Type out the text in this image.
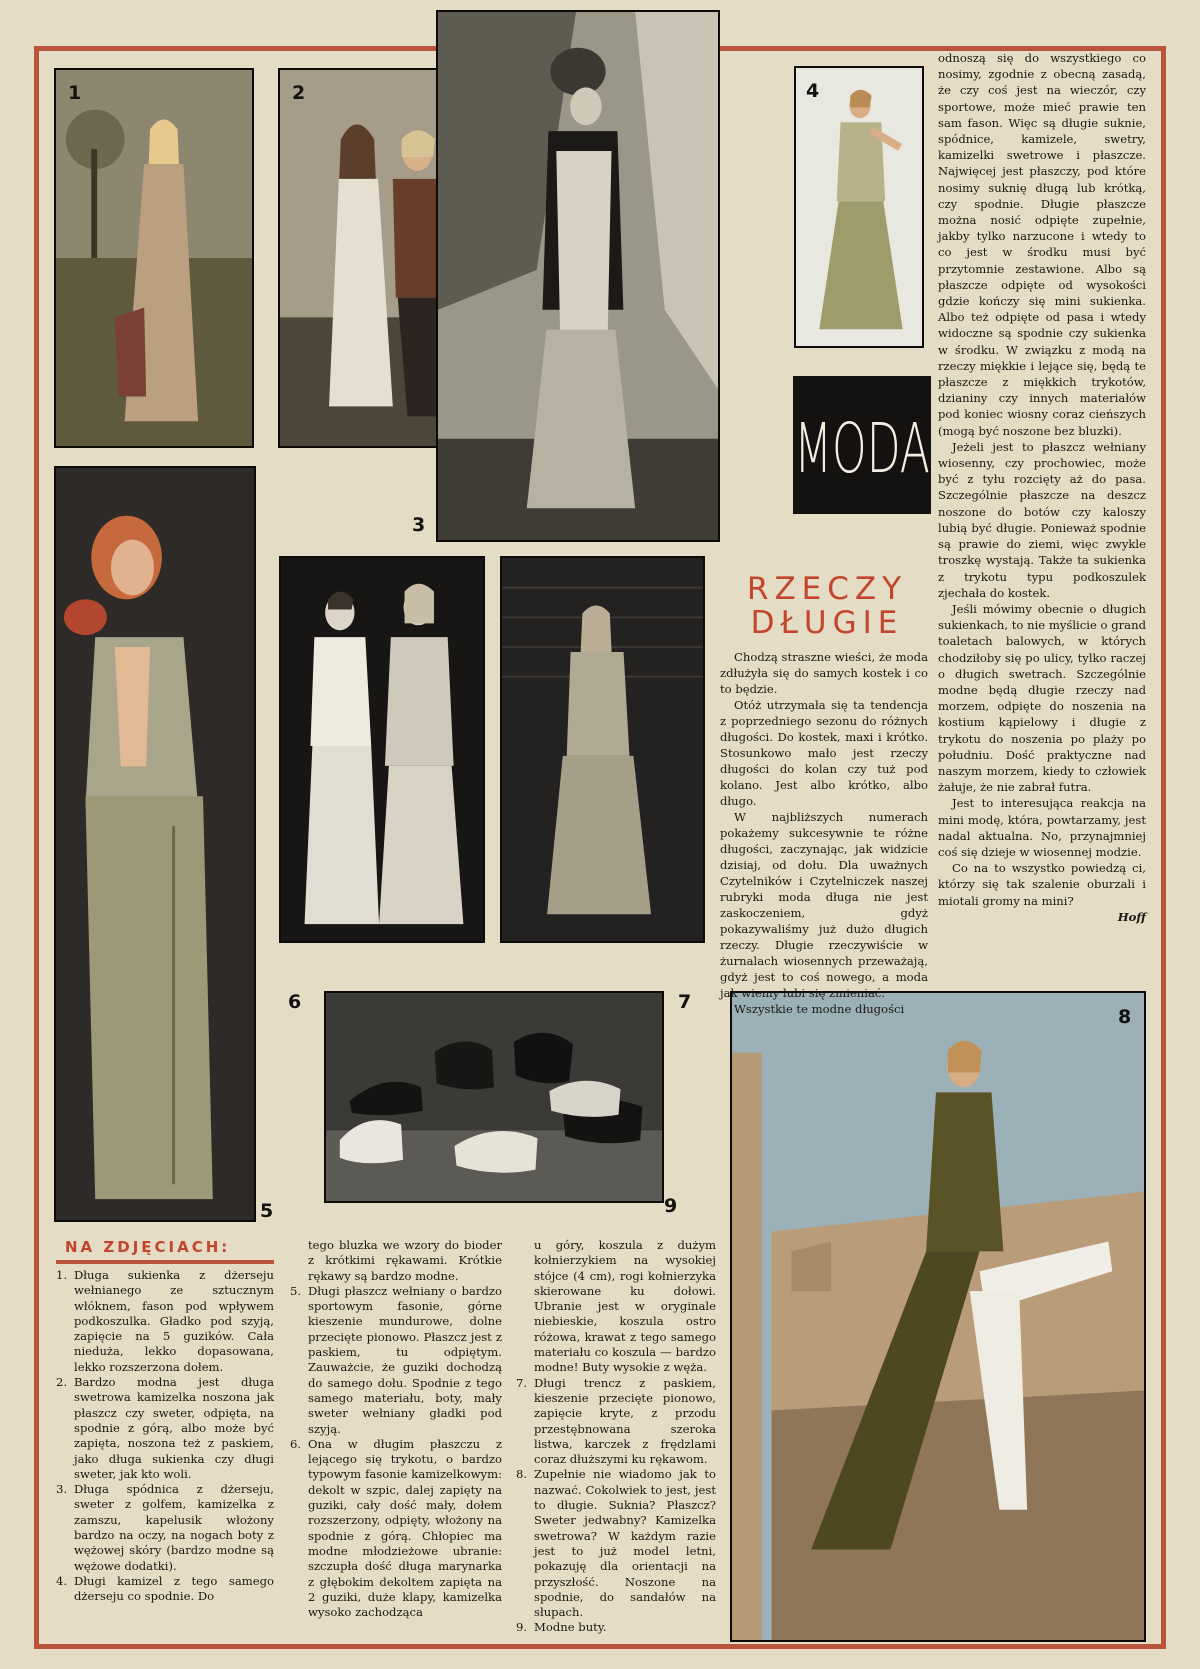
1	2
3
4
MODA
5
6	7
9
8
RZECZY
DŁUGIE

Chodzą straszne wieści, że moda zdłużyła się do samych kostek i co to będzie.

Otóż utrzymała się ta tendencja z poprzedniego sezonu do różnych długości. Do kostek, maxi i krótko. Stosunkowo mało jest rzeczy długości do kolan czy tuż pod kolano. Jest albo krótko, albo długo.

W najbliższych numerach pokażemy sukcesywnie te różne długości, zaczynając, jak widzicie dzisiaj, od dołu. Dla uważnych Czytelników i Czytelniczek naszej rubryki moda długa nie jest zaskoczeniem, gdyż pokazywaliśmy już dużo długich rzeczy. Długie rzeczywiście w żurnalach wiosennych przeważają, gdyż jest to coś nowego, a moda jak wiemy lubi się zmieniać.

Wszystkie te modne długości

odnoszą się do wszystkiego co nosimy, zgodnie z obecną zasadą, że czy coś jest na wieczór, czy sportowe, może mieć prawie ten sam fason. Więc są długie suknie, spódnice, kamizele, swetry, kamizelki swetrowe i płaszcze. Najwięcej jest płaszczy, pod które nosimy suknię długą lub krótką, czy spodnie. Długie płaszcze można nosić odpięte zupełnie, jakby tylko narzucone i wtedy to co jest w środku musi być przytomnie zestawione. Albo są płaszcze odpięte od wysokości gdzie kończy się mini sukienka. Albo też odpięte od pasa i wtedy widoczne są spodnie czy sukienka w środku. W związku z modą na rzeczy miękkie i lejące się, będą te płaszcze z miękkich trykotów, dzianiny czy innych materiałów pod koniec wiosny coraz cieńszych (mogą być noszone bez bluzki).

Jeżeli jest to płaszcz wełniany wiosenny, czy prochowiec, może być z tyłu rozcięty aż do pasa. Szczególnie płaszcze na deszcz noszone do botów czy kaloszy lubią być długie. Ponieważ spodnie są prawie do ziemi, więc zwykle troszkę wystają. Także ta sukienka z trykotu typu podkoszulek zjechała do kostek.

Jeśli mówimy obecnie o długich sukienkach, to nie myślicie o grand toaletach balowych, w których chodziłoby się po ulicy, tylko raczej o długich swetrach. Szczególnie modne będą długie rzeczy nad morzem, odpięte do noszenia na kostium kąpielowy i długie z trykotu do noszenia po plaży po południu. Dość praktyczne nad naszym morzem, kiedy to człowiek żałuje, że nie zabrał futra.

Jest to interesująca reakcja na mini modę, która, powtarzamy, jest nadal aktualna. No, przynajmniej coś się dzieje w wiosennej modzie.

Co na to wszystko powiedzą ci, którzy się tak szalenie oburzali i miotali gromy na mini?

Hoff
NA ZDJĘCIACH:
1. Długa sukienka z dżerseju wełnianego ze sztucznym włóknem, fason pod wpływem podkoszulka. Gładko pod szyją, zapięcie na 5 guzików. Cała nieduża, lekko dopasowana, lekko rozszerzona dołem.
2. Bardzo modna jest długa swetrowa kamizelka noszona jak płaszcz czy sweter, odpięta, na spodnie z górą, albo może być zapięta, noszona też z paskiem, jako długa sukienka czy długi sweter, jak kto woli.
3. Długa spódnica z dżerseju, sweter z golfem, kamizelka z zamszu, kapelusik włożony bardzo na oczy, na nogach boty z wężowej skóry (bardzo modne są wężowe dodatki).
4. Długi kamizel z tego samego dżerseju co spodnie. Do
tego bluzka we wzory do bioder z krótkimi rękawami. Krótkie rękawy są bardzo modne.
5. Długi płaszcz wełniany o bardzo sportowym fasonie, górne kieszenie mundurowe, dolne przecięte pionowo. Płaszcz jest z paskiem, tu odpiętym. Zauważcie, że guziki dochodzą do samego dołu. Spodnie z tego samego materiału, boty, mały sweter wełniany gładki pod szyją.
6. Ona w długim płaszczu z lejącego się trykotu, o bardzo typowym fasonie kamizelkowym: dekolt w szpic, dalej zapięty na guziki, cały dość mały, dołem rozszerzony, odpięty, włożony na spodnie z górą. Chłopiec ma modne młodzieżowe ubranie: szczupła dość długa marynarka z głębokim dekoltem zapięta na 2 guziki, duże klapy, kamizelka wysoko zachodząca
u góry, koszula z dużym kołnierzykiem na wysokiej stójce (4 cm), rogi kołnierzyka skierowane ku dołowi. Ubranie jest w oryginale niebieskie, koszula ostro różowa, krawat z tego samego materiału co koszula — bardzo modne! Buty wysokie z węża.
7. Długi trencz z paskiem, kieszenie przecięte pionowo, zapięcie kryte, z przodu przestębnowana szeroka listwa, karczek z frędzlami coraz dłuższymi ku rękawom.
8. Zupełnie nie wiadomo jak to nazwać. Cokolwiek to jest, jest to długie. Suknia? Płaszcz? Sweter jedwabny? Kamizelka swetrowa? W każdym razie jest to już model letni, pokazuję dla orientacji na przyszłość. Noszone na spodnie, do sandałów na słupach.
9. Modne buty.
